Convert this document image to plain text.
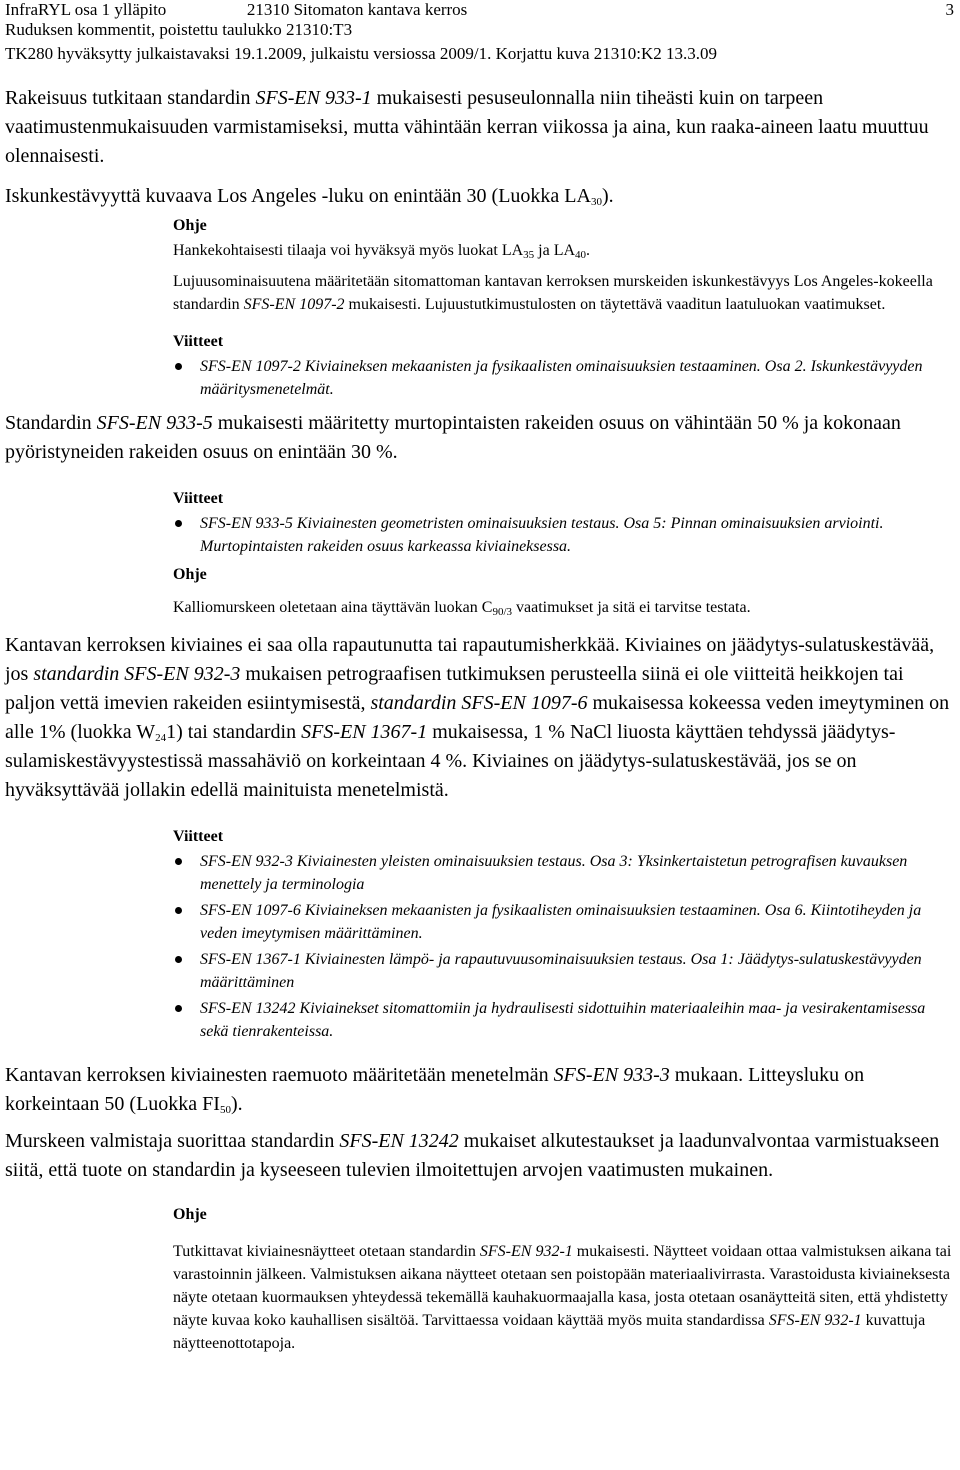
InfraRYL osa 1 ylläpito	21310 Sitomaton kantava kerros	3
Ruduksen kommentit, poistettu taulukko 21310:T3
TK280 hyväksytty julkaistavaksi 19.1.2009, julkaistu versiossa 2009/1. Korjattu kuva 21310:K2 13.3.09

Rakeisuus tutkitaan standardin SFS-EN 933-1 mukaisesti pesuseulonnalla niin tiheästi kuin on tarpeen vaatimustenmukaisuuden varmistamiseksi, mutta vähintään kerran viikossa ja aina, kun raaka-aineen laatu muuttuu olennaisesti.

Iskunkestävyyttä kuvaava Los Angeles -luku on enintään 30 (Luokka $LA_{30}$).

Ohje

Hankekohtaisesti tilaaja voi hyväksyä myös luokat $LA_{35}$ ja $LA_{40}$.

Lujuusominaisuutena määritetään sitomattoman kantavan kerroksen murskeiden iskunkestävyys Los Angeles-kokeella standardin SFS-EN 1097-2 mukaisesti. Lujuustutkimustulosten on täytettävä vaaditun laatuluokan vaatimukset.

Viitteet
SFS-EN 1097-2 Kiviaineksen mekaanisten ja fysikaalisten ominaisuuksien testaaminen. Osa 2. Iskunkestävyyden määritysmenetelmät.

Standardin SFS-EN 933-5 mukaisesti määritetty murtopintaisten rakeiden osuus on vähintään 50 % ja kokonaan pyöristyneiden rakeiden osuus on enintään 30 %.

Viitteet
SFS-EN 933-5 Kiviainesten geometristen ominaisuuksien testaus. Osa 5: Pinnan ominaisuuksien arviointi. Murtopintaisten rakeiden osuus karkeassa kiviaineksessa.
Ohje

Kalliomurskeen oletetaan aina täyttävän luokan $C_{90/3}$ vaatimukset ja sitä ei tarvitse testata.

Kantavan kerroksen kiviaines ei saa olla rapautunutta tai rapautumisherkkää. Kiviaines on jäädytys-sulatuskestävää, jos standardin SFS-EN 932-3 mukaisen petrograafisen tutkimuksen perusteella siinä ei ole viitteitä heikkojen tai paljon vettä imevien rakeiden esiintymisestä, standardin SFS-EN 1097-6 mukaisessa kokeessa veden imeytyminen on alle 1% (luokka $W_{24}1$) tai standardin SFS-EN 1367-1 mukaisessa, 1 % NaCl liuosta käyttäen tehdyssä jäädytys-sulamiskestävyystestissä massahäviö on korkeintaan 4 %. Kiviaines on jäädytys-sulatuskestävää, jos se on hyväksyttävää jollakin edellä mainituista menetelmistä.

Viitteet
SFS-EN 932-3 Kiviainesten yleisten ominaisuuksien testaus. Osa 3: Yksinkertaistetun petrografisen kuvauksen menettely ja terminologia
SFS-EN 1097-6 Kiviaineksen mekaanisten ja fysikaalisten ominaisuuksien testaaminen. Osa 6. Kiintotiheyden ja veden imeytymisen määrittäminen.
SFS-EN 1367-1 Kiviainesten lämpö- ja rapautuvuusominaisuuksien testaus. Osa 1: Jäädytys-sulatuskestävyyden määrittäminen
SFS-EN 13242 Kiviainekset sitomattomiin ja hydraulisesti sidottuihin materiaaleihin maa- ja vesirakentamisessa sekä tienrakenteissa.

Kantavan kerroksen kiviainesten raemuoto määritetään menetelmän SFS-EN 933-3 mukaan. Litteysluku on korkeintaan 50 (Luokka $FI_{50}$).

Murskeen valmistaja suorittaa standardin SFS-EN 13242 mukaiset alkutestaukset ja laadunvalvontaa varmistuakseen siitä, että tuote on standardin ja kyseeseen tulevien ilmoitettujen arvojen vaatimusten mukainen.

Ohje

Tutkittavat kiviainesnäytteet otetaan standardin SFS-EN 932-1 mukaisesti. Näytteet voidaan ottaa valmistuksen aikana tai varastoinnin jälkeen. Valmistuksen aikana näytteet otetaan sen poistopään materiaalivirrasta. Varastoidusta kiviaineksesta näyte otetaan kuormauksen yhteydessä tekemällä kauhakuormaajalla kasa, josta otetaan osanäytteitä siten, että yhdistetty näyte kuvaa koko kauhallisen sisältöä. Tarvittaessa voidaan käyttää myös muita standardissa SFS-EN 932-1 kuvattuja näytteenottotapoja.
